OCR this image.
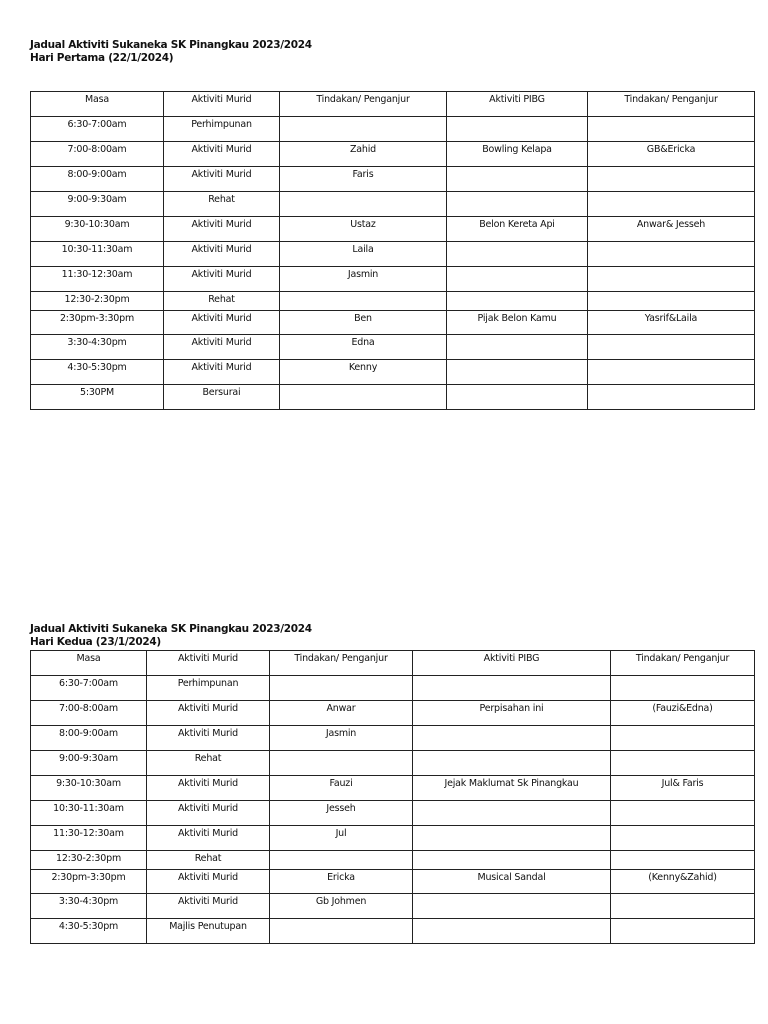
Jadual Aktiviti Sukaneka SK Pinangkau 2023/2024
Hari Pertama (22/1/2024)
Masa	Aktiviti Murid	Tindakan/ Penganjur	Aktiviti PIBG	Tindakan/ Penganjur
6:30-7:00am	Perhimpunan			
7:00-8:00am	Aktiviti Murid	Zahid	Bowling Kelapa	GB&Ericka
8:00-9:00am	Aktiviti Murid	Faris		
9:00-9:30am	Rehat			
9:30-10:30am	Aktiviti Murid	Ustaz	Belon Kereta Api	Anwar& Jesseh
10:30-11:30am	Aktiviti Murid	Laila		
11:30-12:30am	Aktiviti Murid	Jasmin		
12:30-2:30pm	Rehat			
2:30pm-3:30pm	Aktiviti Murid	Ben	Pijak Belon Kamu	Yasrif&Laila
3:30-4:30pm	Aktiviti Murid	Edna		
4:30-5:30pm	Aktiviti Murid	Kenny		
5:30PM	Bersurai			
Jadual Aktiviti Sukaneka SK Pinangkau 2023/2024
Hari Kedua (23/1/2024)
Masa	Aktiviti Murid	Tindakan/ Penganjur	Aktiviti PIBG	Tindakan/ Penganjur
6:30-7:00am	Perhimpunan			
7:00-8:00am	Aktiviti Murid	Anwar	Perpisahan ini	(Fauzi&Edna)
8:00-9:00am	Aktiviti Murid	Jasmin		
9:00-9:30am	Rehat			
9:30-10:30am	Aktiviti Murid	Fauzi	Jejak Maklumat Sk Pinangkau	Jul& Faris
10:30-11:30am	Aktiviti Murid	Jesseh		
11:30-12:30am	Aktiviti Murid	Jul		
12:30-2:30pm	Rehat			
2:30pm-3:30pm	Aktiviti Murid	Ericka	Musical Sandal	(Kenny&Zahid)
3:30-4:30pm	Aktiviti Murid	Gb Johmen		
4:30-5:30pm	Majlis Penutupan			
